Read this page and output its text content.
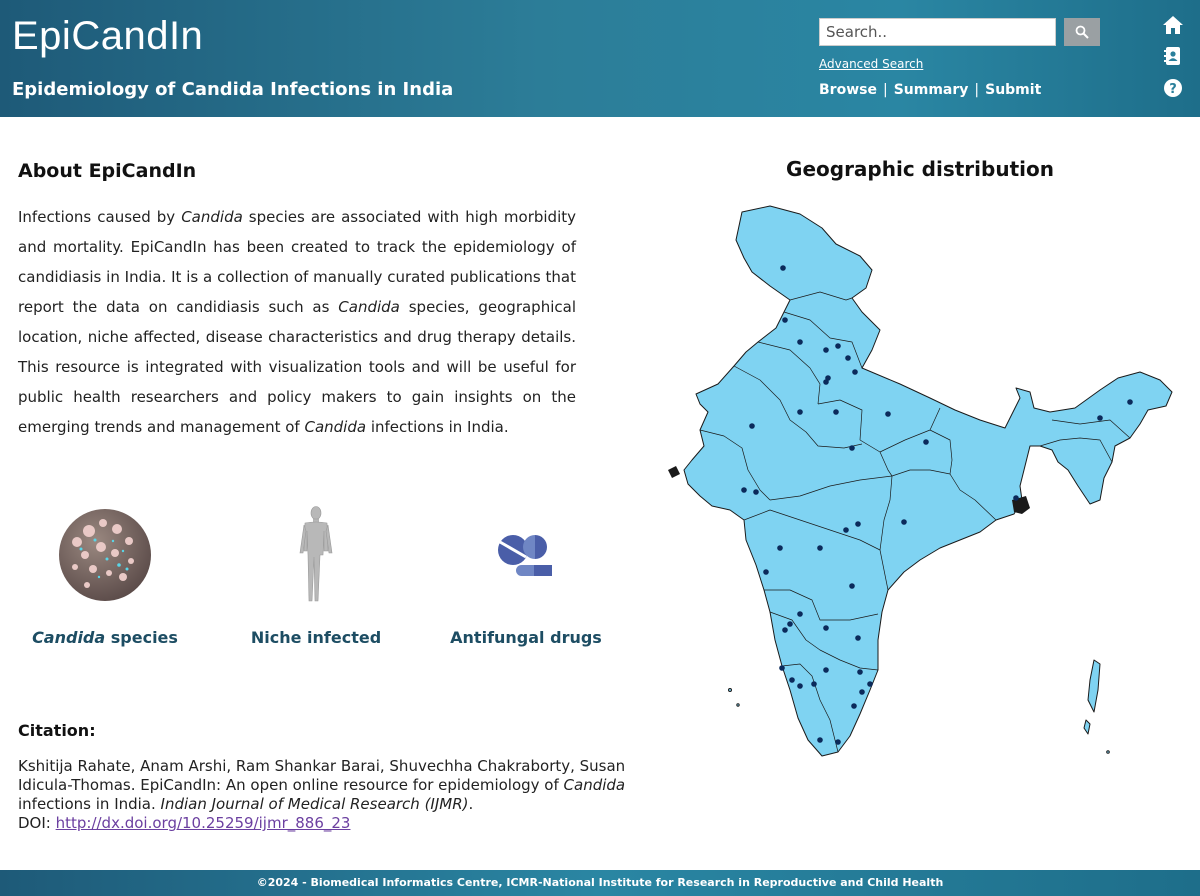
EpiCandIn
Epidemiology of Candida Infections in India
Search..
Advanced Search
Browse | Summary | Submit	?
About EpiCandIn
Infections caused by Candida species are associated with high morbidity and mortality. EpiCandIn has been created to track the epidemiology of candidiasis in India. It is a collection of manually curated publications that report the data on candidiasis such as Candida species, geographical location, niche affected, disease characteristics and drug therapy details. This resource is integrated with visualization tools and will be useful for public health researchers and policy makers to gain insights on the emerging trends and management of Candida infections in India.
Candida species	Niche infected	Antifungal drugs
Citation:
Kshitija Rahate, Anam Arshi, Ram Shankar Barai, Shuvechha Chakraborty, Susan Idicula-Thomas. EpiCandIn: An open online resource for epidemiology of Candida infections in India. Indian Journal of Medical Research (IJMR).
DOI: http://dx.doi.org/10.25259/ijmr_886_23
Geographic distribution
©2024 - Biomedical Informatics Centre, ICMR-National Institute for Research in Reproductive and Child Health
